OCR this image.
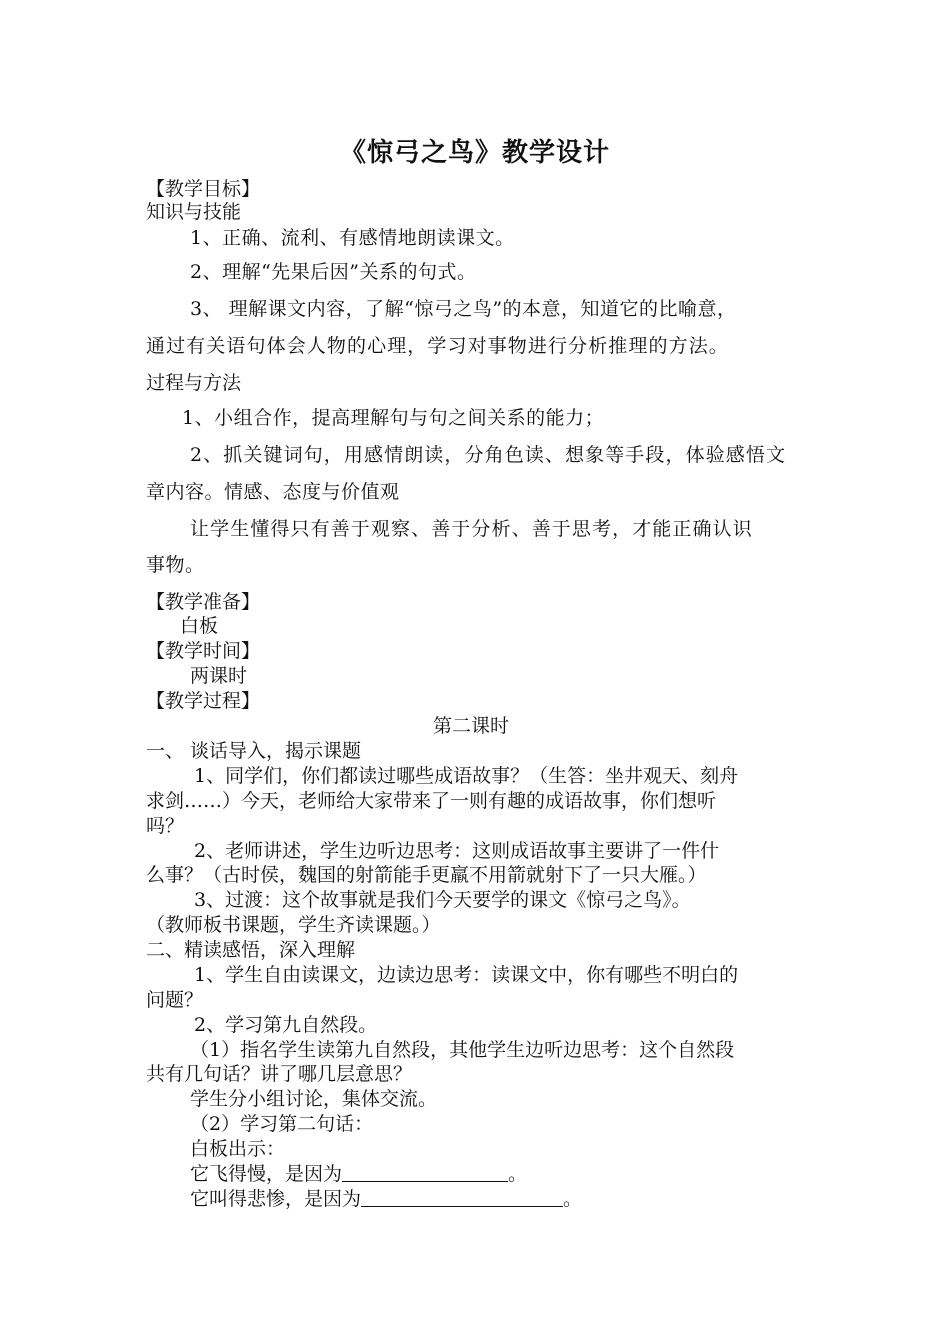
《惊弓之鸟》教学设计
【教学目标】
知识与技能
1、正确、流利、有感情地朗读课文。
2、理解“先果后因”关系的句式。
3、 理解课文内容，了解“惊弓之鸟”的本意，知道它的比喻意，
通过有关语句体会人物的心理，学习对事物进行分析推理的方法。
过程与方法
1、小组合作，提高理解句与句之间关系的能力；
2、抓关键词句，用感情朗读，分角色读、想象等手段，体验感悟文
章内容。情感、态度与价值观
让学生懂得只有善于观察、善于分析、善于思考，才能正确认识
事物。
【教学准备】
白板
【教学时间】
两课时
【教学过程】
第二课时
一、 谈话导入，揭示课题
1、同学们，你们都读过哪些成语故事？（生答：坐井观天、刻舟
求剑……）今天，老师给大家带来了一则有趣的成语故事，你们想听
吗？
2、老师讲述，学生边听边思考：这则成语故事主要讲了一件什
么事？（古时侯，魏国的射箭能手更羸不用箭就射下了一只大雁。）
3、过渡：这个故事就是我们今天要学的课文《惊弓之鸟》。
（教师板书课题，学生齐读课题。）
二、精读感悟，深入理解
1、学生自由读课文，边读边思考：读课文中，你有哪些不明白的
问题？
2、学习第九自然段。
（1）指名学生读第九自然段，其他学生边听边思考：这个自然段
共有几句话？讲了哪几层意思？
学生分小组讨论，集体交流。
（2）学习第二句话：
白板出示：
它飞得慢，是因为	。
它叫得悲惨，是因为	。
